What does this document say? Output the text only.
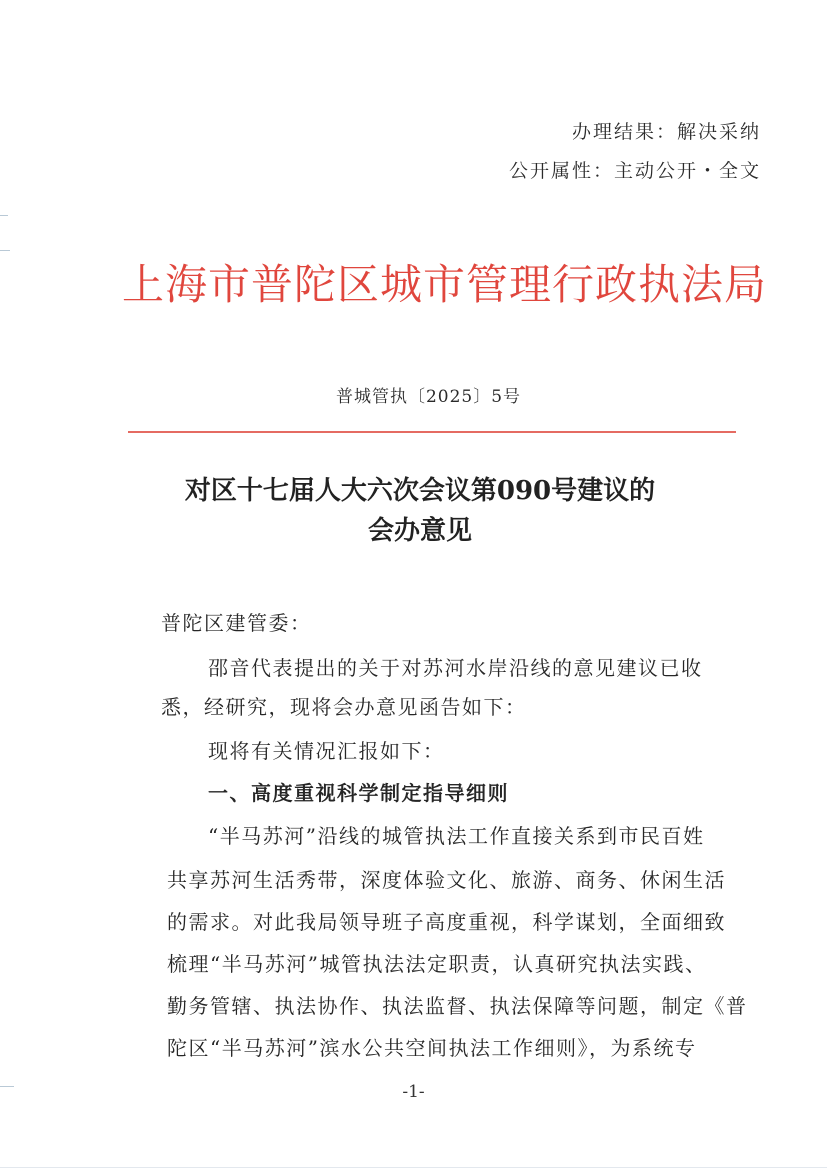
办理结果：解决采纳
公开属性：主动公开・全文
上海市普陀区城市管理行政执法局
普城管执〔2025〕5号
对区十七届人大六次会议第090号建议的
会办意见
普陀区建管委：
邵音代表提出的关于对苏河水岸沿线的意见建议已收
悉，经研究，现将会办意见函告如下：
现将有关情况汇报如下：
一、高度重视科学制定指导细则
“半马苏河”沿线的城管执法工作直接关系到市民百姓
共享苏河生活秀带，深度体验文化、旅游、商务、休闲生活
的需求。对此我局领导班子高度重视，科学谋划，全面细致
梳理“半马苏河”城管执法法定职责，认真研究执法实践、
勤务管辖、执法协作、执法监督、执法保障等问题，制定《普
陀区“半马苏河”滨水公共空间执法工作细则》，为系统专
-1-
